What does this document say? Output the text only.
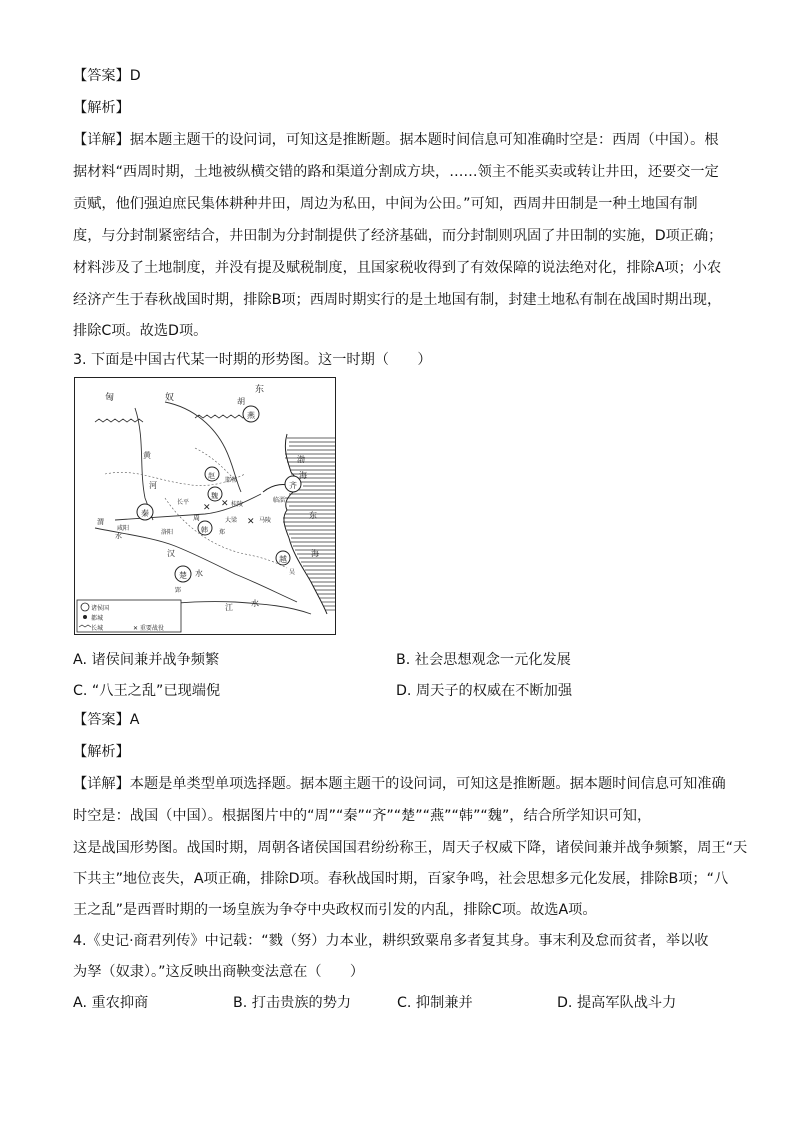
【答案】D
【解析】
【详解】据本题主题干的设问词，可知这是推断题。据本题时间信息可知准确时空是：西周（中国）。根
据材料“西周时期，土地被纵横交错的路和渠道分割成方块，……领主不能买卖或转让井田，还要交一定
贡赋，他们强迫庶民集体耕种井田，周边为私田，中间为公田。”可知，西周井田制是一种土地国有制
度，与分封制紧密结合，井田制为分封制提供了经济基础，而分封制则巩固了井田制的实施，D项正确；
材料涉及了土地制度，并没有提及赋税制度，且国家税收得到了有效保障的说法绝对化，排除A项；小农
经济产生于春秋战国时期，排除B项；西周时期实行的是土地国有制，封建土地私有制在战国时期出现，
排除C项。故选D项。
3. 下面是中国古代某一时期的形势图。这一时期（　　）
✕
✕
✕
匈	奴
东
胡
燕
黄
河
渤
海
齐
赵
邯郸
临淄
魏
长平
周
桂陵
马陵
秦
咸阳
洛阳	韩
大梁
郑
渭
水
汉
水
楚
郢
江 水
越
吴
东
海
诸侯国
都城
长城	✕ 重要战役
A. 诸侯间兼并战争频繁	B. 社会思想观念一元化发展
C. “八王之乱”已现端倪	D. 周天子的权威在不断加强
【答案】A
【解析】
【详解】本题是单类型单项选择题。据本题主题干的设问词，可知这是推断题。据本题时间信息可知准确
时空是：战国（中国）。根据图片中的“周”“秦”“齐”“楚”“燕”“韩”“魏”，结合所学知识可知，
这是战国形势图。战国时期，周朝各诸侯国国君纷纷称王，周天子权威下降，诸侯间兼并战争频繁，周王“天
下共主”地位丧失，A项正确，排除D项。春秋战国时期，百家争鸣，社会思想多元化发展，排除B项；“八
王之乱”是西晋时期的一场皇族为争夺中央政权而引发的内乱，排除C项。故选A项。
4.《史记·商君列传》中记载：“戮（努）力本业，耕织致粟帛多者复其身。事末利及怠而贫者，举以收
为孥（奴隶）。”这反映出商鞅变法意在（　　）
A. 重农抑商	B. 打击贵族的势力	C. 抑制兼并	D. 提高军队战斗力
